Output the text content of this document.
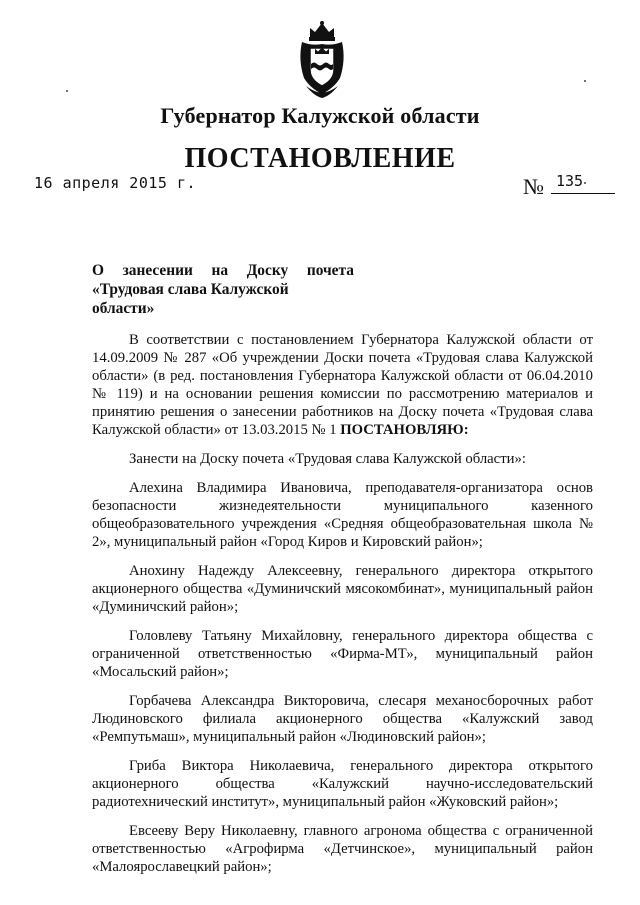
Губернатор Калужской области
ПОСТАНОВЛЕНИЕ
16 апреля 2015 г.	№ 135
О занесении на Доску почета
«Трудовая слава Калужской области»

В соответствии с постановлением Губернатора Калужской области от 14.09.2009 № 287 «Об учреждении Доски почета «Трудовая слава Калужской области» (в ред. постановления Губернатора Калужской области от 06.04.2010 № 119) и на основании решения комиссии по рассмотрению материалов и принятию решения о занесении работников на Доску почета «Трудовая слава Калужской области» от 13.03.2015 № 1 ПОСТАНОВЛЯЮ:

Занести на Доску почета «Трудовая слава Калужской области»:

Алехина Владимира Ивановича, преподавателя-организатора основ безопасности жизнедеятельности муниципального казенного общеобразовательного учреждения «Средняя общеобразовательная школа № 2», муниципальный район «Город Киров и Кировский район»;

Анохину Надежду Алексеевну, генерального директора открытого акционерного общества «Думиничский мясокомбинат», муниципальный район «Думиничский район»;

Головлеву Татьяну Михайловну, генерального директора общества с ограниченной ответственностью «Фирма-МТ», муниципальный район «Мосальский район»;

Горбачева Александра Викторовича, слесаря механосборочных работ Людиновского филиала акционерного общества «Калужский завод «Ремпутьмаш», муниципальный район «Людиновский район»;

Гриба Виктора Николаевича, генерального директора открытого акционерного общества «Калужский научно-исследовательский радиотехнический институт», муниципальный район «Жуковский район»;

Евсееву Веру Николаевну, главного агронома общества с ограниченной ответственностью «Агрофирма «Детчинское», муниципальный район «Малоярославецкий район»;
